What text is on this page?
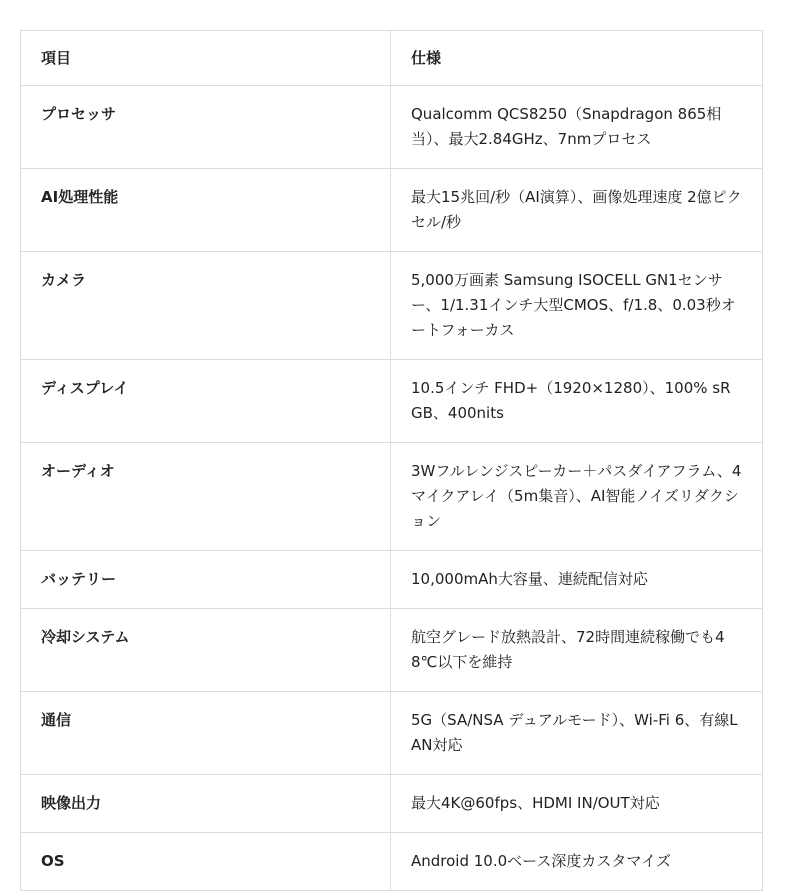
項目	仕様
プロセッサ	Qualcomm QCS8250（Snapdragon 865相当）、最大2.84GHz、7nmプロセス
AI処理性能	最大15兆回/秒（AI演算）、画像処理速度 2億ピクセル/秒
カメラ	5,000万画素 Samsung ISOCELL GN1センサー、1/1.31インチ大型CMOS、f/1.8、0.03秒オートフォーカス
ディスプレイ	10.5インチ FHD+（1920×1280）、100% sRGB、400nits
オーディオ	3Wフルレンジスピーカー＋パスダイアフラム、4マイクアレイ（5m集音）、AI智能ノイズリダクション
バッテリー	10,000mAh大容量、連続配信対応
冷却システム	航空グレード放熱設計、72時間連続稼働でも48℃以下を維持
通信	5G（SA/NSA デュアルモード）、Wi-Fi 6、有線LAN対応
映像出力	最大4K@60fps、HDMI IN/OUT対応
OS	Android 10.0ベース深度カスタマイズ
